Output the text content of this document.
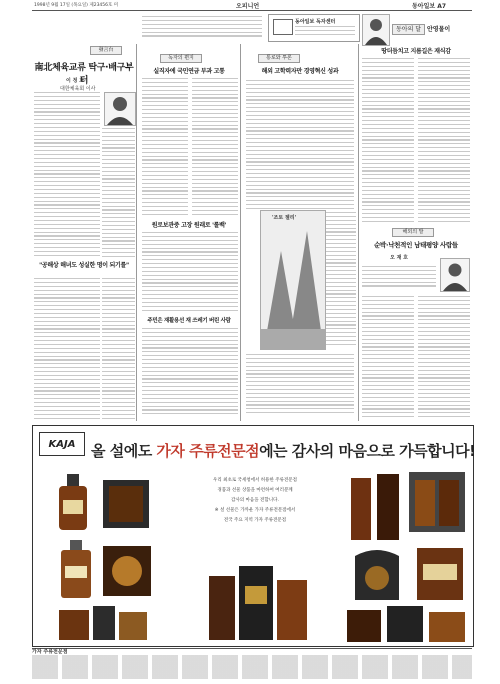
1998년 9월 17일 (목요일) 제23456호 미	오피니언	동아일보 A7
동아일보 독자센터
發言台
南北체육교류 탁구·배구부터
이 정 호
대한체육회 이사
"공해상 해녀도 성실한 명이 되기를"
독자의 편지
실직자에 국민연금 부과 고통
원로보관중 고장 원래로 '롤백'
주민은 재활용선 재 쓰레기 버린 사람
통로와 투론
해외 고학력자만 경영혁신 성과
'조토 젤리'
동아의 달 안영물이
땅더듬치고 지름길은 재식감
해외의 발
순박·낙천적인 남태평양 사람들
오 재 호
KAJA	올 설에도 가자 주류전문점에는 감사의 마음으로 가득합니다!
우리 최초로 국세청에서 허용한 주류전문점
경품과 선물 상품을 마련하여 여러분께
감사의 마음을 전합니다.
※ 설 선물은 가까운 가자 주류전문점에서
전국 주요 지역 가자 주류전문점
가자 주류전문점
